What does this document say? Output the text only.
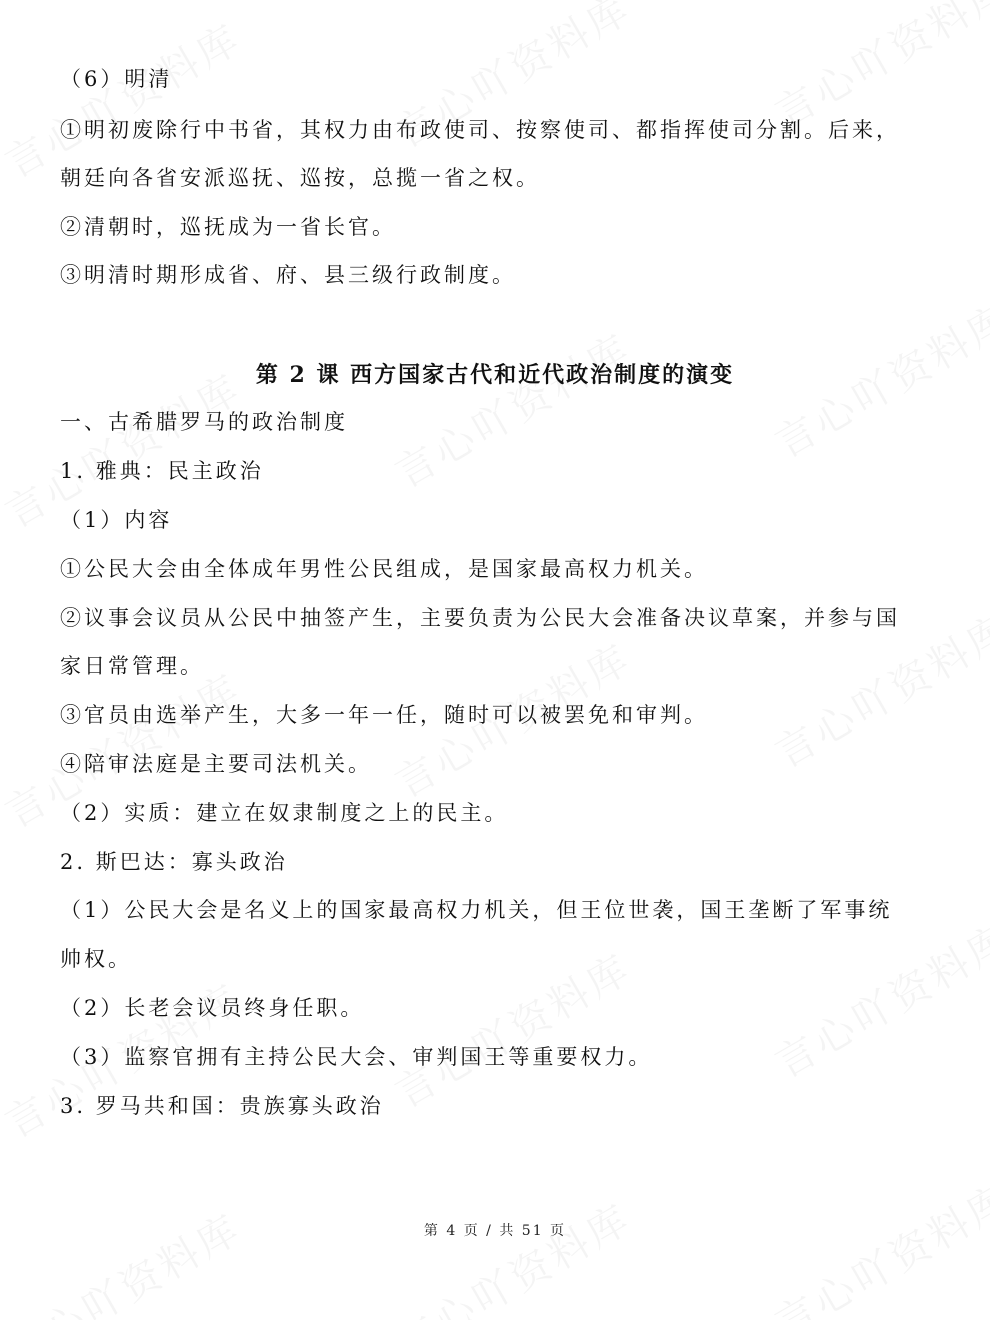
（6）明清
①明初废除行中书省，其权力由布政使司、按察使司、都指挥使司分割。后来，
朝廷向各省安派巡抚、巡按，总揽一省之权。
②清朝时，巡抚成为一省长官。
③明清时期形成省、府、县三级行政制度。
第 2 课 西方国家古代和近代政治制度的演变
一、古希腊罗马的政治制度
1. 雅典：民主政治
（1）内容
①公民大会由全体成年男性公民组成，是国家最高权力机关。
②议事会议员从公民中抽签产生，主要负责为公民大会准备决议草案，并参与国
家日常管理。
③官员由选举产生，大多一年一任，随时可以被罢免和审判。
④陪审法庭是主要司法机关。
（2）实质：建立在奴隶制度之上的民主。
2. 斯巴达：寡头政治
（1）公民大会是名义上的国家最高权力机关，但王位世袭，国王垄断了军事统
帅权。
（2）长老会议员终身任职。
（3）监察官拥有主持公民大会、审判国王等重要权力。
3. 罗马共和国：贵族寡头政治
第 4 页 / 共 51 页
